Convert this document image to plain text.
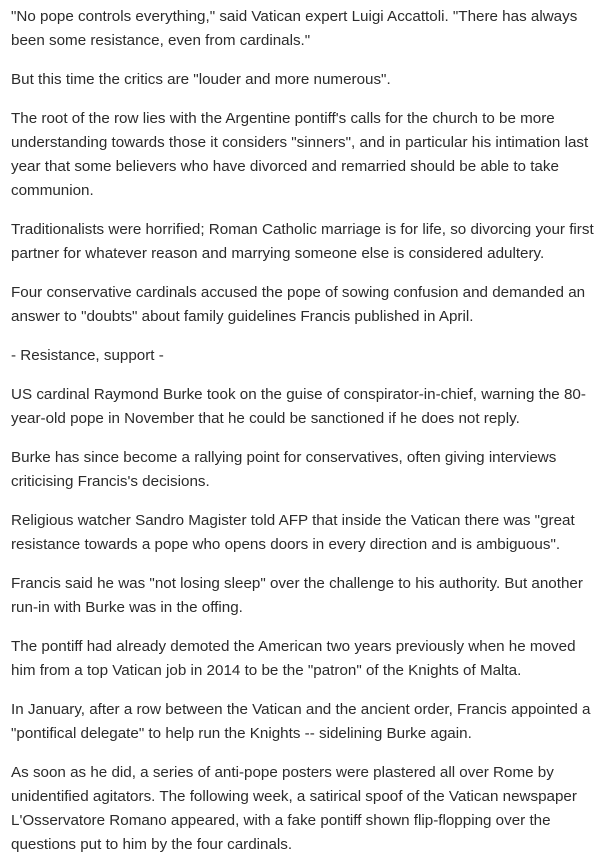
"No pope controls everything," said Vatican expert Luigi Accattoli. "There has always been some resistance, even from cardinals."

But this time the critics are "louder and more numerous".

The root of the row lies with the Argentine pontiff's calls for the church to be more understanding towards those it considers "sinners", and in particular his intimation last year that some believers who have divorced and remarried should be able to take communion.

Traditionalists were horrified; Roman Catholic marriage is for life, so divorcing your first partner for whatever reason and marrying someone else is considered adultery.

Four conservative cardinals accused the pope of sowing confusion and demanded an answer to "doubts" about family guidelines Francis published in April.

- Resistance, support -

US cardinal Raymond Burke took on the guise of conspirator-in-chief, warning the 80-year-old pope in November that he could be sanctioned if he does not reply.

Burke has since become a rallying point for conservatives, often giving interviews criticising Francis's decisions.

Religious watcher Sandro Magister told AFP that inside the Vatican there was "great resistance towards a pope who opens doors in every direction and is ambiguous".

Francis said he was "not losing sleep" over the challenge to his authority. But another run-in with Burke was in the offing.

The pontiff had already demoted the American two years previously when he moved him from a top Vatican job in 2014 to be the "patron" of the Knights of Malta.

In January, after a row between the Vatican and the ancient order, Francis appointed a "pontifical delegate" to help run the Knights -- sidelining Burke again.

As soon as he did, a series of anti-pope posters were plastered all over Rome by unidentified agitators. The following week, a satirical spoof of the Vatican newspaper L'Osservatore Romano appeared, with a fake pontiff shown flip-flopping over the questions put to him by the four cardinals.
